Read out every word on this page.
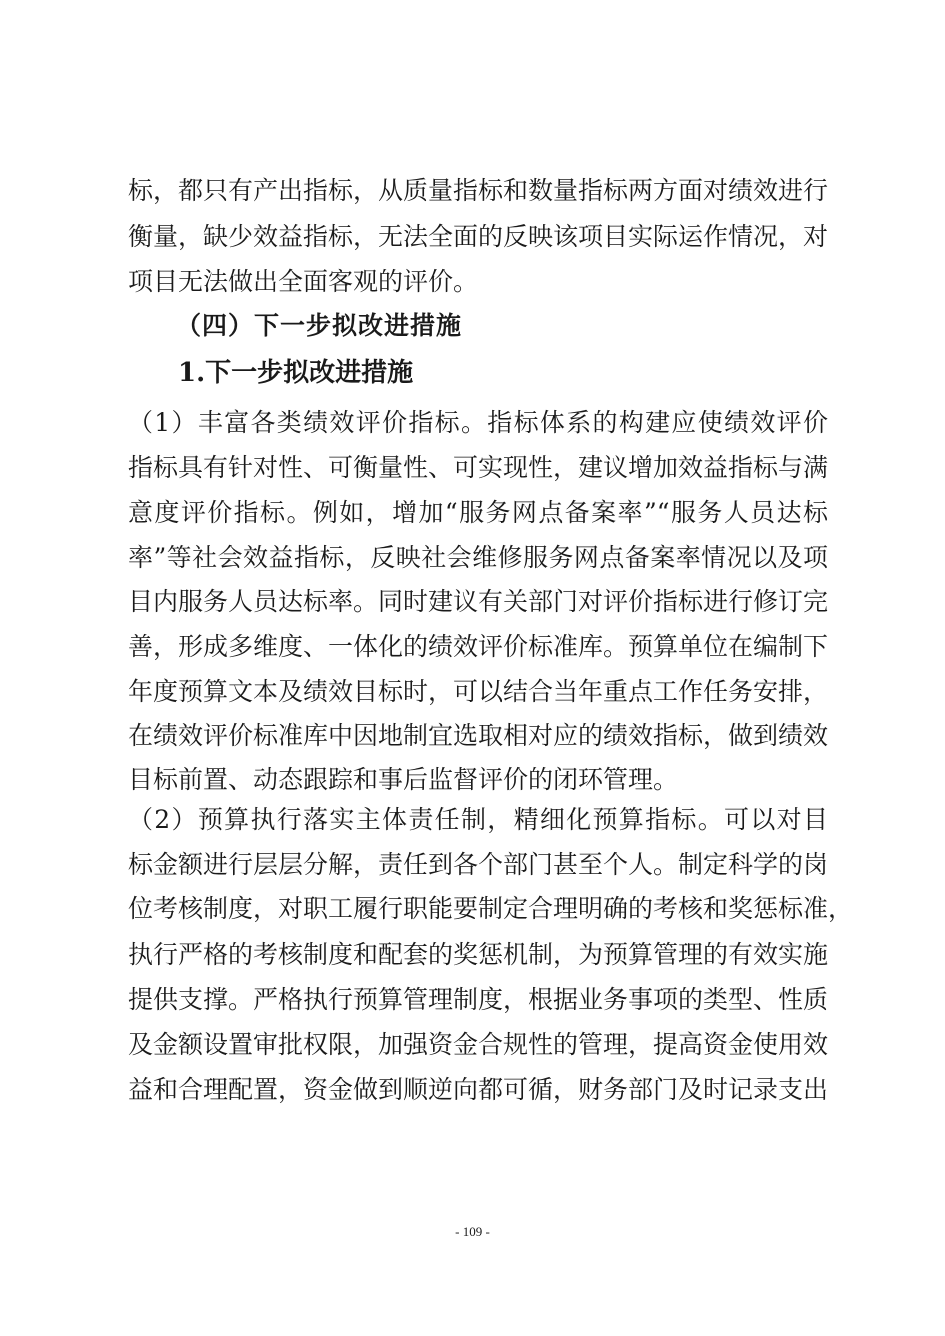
标，都只有产出指标，从质量指标和数量指标两方面对绩效进行
衡量，缺少效益指标，无法全面的反映该项目实际运作情况，对
项目无法做出全面客观的评价。
（四）下一步拟改进措施
1.下一步拟改进措施
（1）丰富各类绩效评价指标。指标体系的构建应使绩效评价
指标具有针对性、可衡量性、可实现性，建议增加效益指标与满
意度评价指标。例如，增加“服务网点备案率”“服务人员达标
率”等社会效益指标，反映社会维修服务网点备案率情况以及项
目内服务人员达标率。同时建议有关部门对评价指标进行修订完
善，形成多维度、一体化的绩效评价标准库。预算单位在编制下
年度预算文本及绩效目标时，可以结合当年重点工作任务安排，
在绩效评价标准库中因地制宜选取相对应的绩效指标，做到绩效
目标前置、动态跟踪和事后监督评价的闭环管理。
（2）预算执行落实主体责任制，精细化预算指标。可以对目
标金额进行层层分解，责任到各个部门甚至个人。制定科学的岗
位考核制度，对职工履行职能要制定合理明确的考核和奖惩标准，
执行严格的考核制度和配套的奖惩机制，为预算管理的有效实施
提供支撑。严格执行预算管理制度，根据业务事项的类型、性质
及金额设置审批权限，加强资金合规性的管理，提高资金使用效
益和合理配置，资金做到顺逆向都可循，财务部门及时记录支出
- 109 -
